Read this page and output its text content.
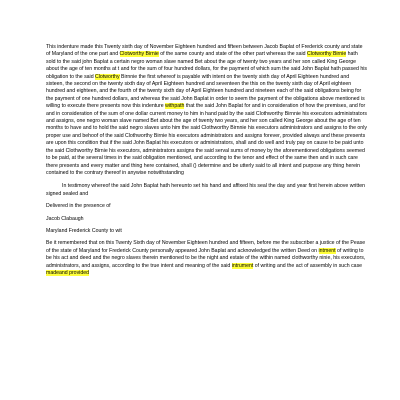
This indenture made this Twenty sixth day of November Eighteen hundred and fifteen between Jacob Baplat of Frederick county and state of Maryland of the one part and Clotworthy Birnie of the same county and state of the other part whereas the said Clotworthy Birnie hath sold to the said john Baplat a certain negro woman slave named Bet about the age of twenty two years and her son called King George about the age of ten months at t and for the sum of four hundred dollars, for the payment of which sum the said John Baplat hath passed his obligation to the said Clotworthy Birnnie the first whereof is payable with intent on the twenty sixth day of April Eighteen hundred and sixteen, the second on the twenty sixth day of April Eighteen hundred and seventeen the this on the twenty sixth day of April eighteen hundred and eighteen, and the fourth of the twenty sixth day of April Eighteen hundred and nineteen each of the said obligations being for the payment of one hundred dollars, and whereas the said John Baplat in order to seem the payment of the obligations above mentioned is willing to execute there presents now this indenture withpath that the said John Baplat for and in consideration of how the premises, and for and in consideration of the sum of one dollar current money to him in hand paid by the said Clothworthy Birnnie his executors administrators and assigns, one negro woman slave named Bet about the age of twenty two years, and her son called King George about the age of ten months to have and to hold the said negro slaves unto him the said Clothworthy Birnnie his executors administrators and assigns to the only proper use and behoof of the said Clothworthy Birnie his executors administrators and assigns forever, provided always and these presents are upon this condition that if the said John Baplat his executors or administrators, shall and do well and truly pay on cause to be paid unto the said Clothworthy Birnie his executors, administrators assigns the said serval sums of money by the aforementioned obligations seemed to be paid, at the several times in the said obligation mentioned, and according to the tenor and effect of the same then and in such care there presents and every matter and thing here contained, shall () determine and be utterly said to all intent and purpose any thing herein contained to the contrary thereof in anywise notwithstanding

In testimony whereof the said John Baplat hath hereunto set his hand and affixed his seal the day and year first herein above written signed sealed and

Delivered in the presence of

Jacob Clabaugh

Maryland Frederick County to wit

Be it remembered that on this Twenty Sixth day of November Eighteen hundred and fifteen, before me the subscriber a justice of the Pease of the state of Maryland for Frederick County personally appeared John Baplat and acknowledged the written Deed on intment of writing to be his act and deed and the negro slaves therein mentioned to be the night and estate of the within named clothworthy ninie, his executors, administrators, and assigns, according to the true intent and meaning of the said intrument of writing and the act of assembly in such case madeand provided
